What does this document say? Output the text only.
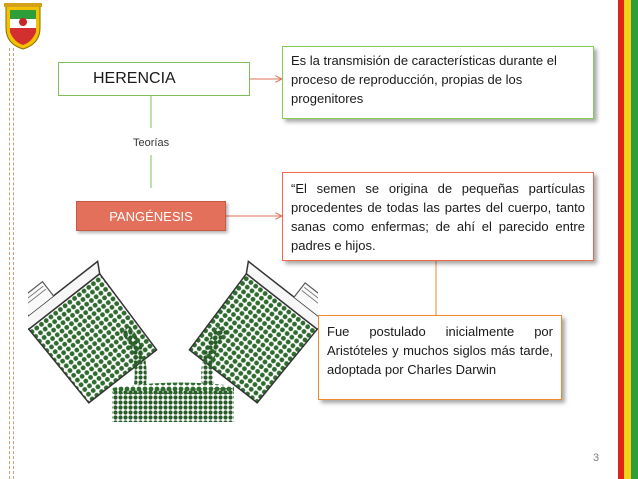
HERENCIA
Es la transmisión de características durante el proceso de reproducción, propias de los progenitores
Teorías
PANGÉNESIS
“El semen se origina de pequeñas partículas procedentes de todas las partes del cuerpo, tanto sanas como enfermas; de ahí el parecido entre padres e hijos.
Fue postulado inicialmente por Aristóteles y muchos siglos más tarde, adoptada por Charles Darwin
3
